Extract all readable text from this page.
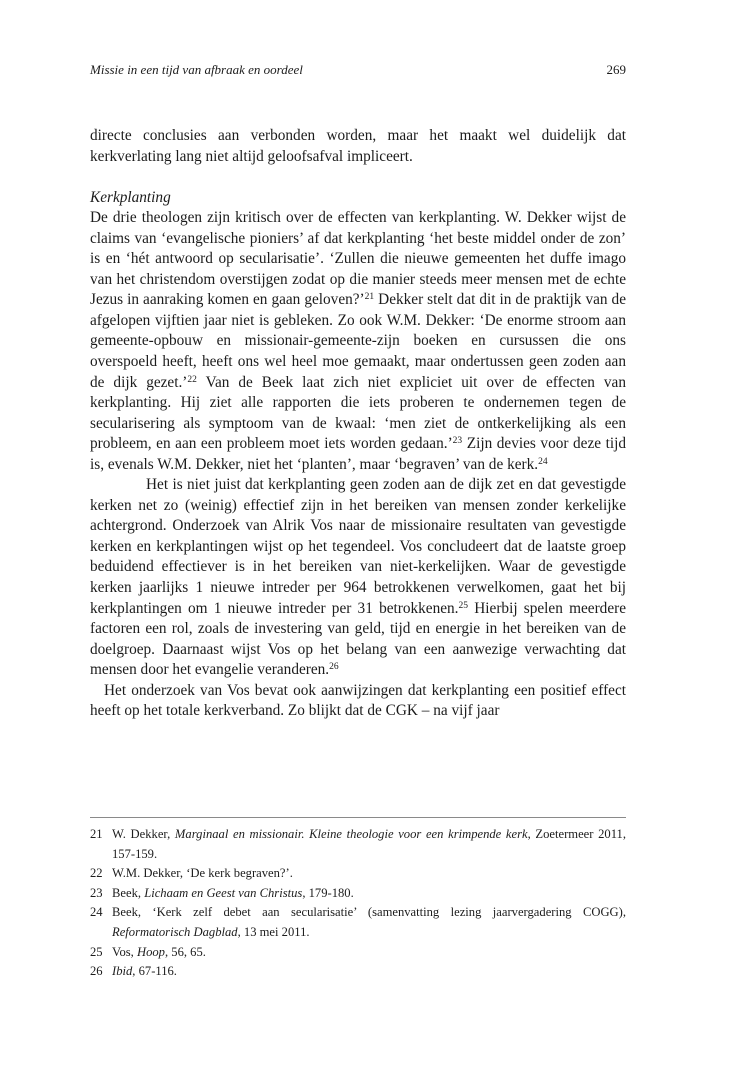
Missie in een tijd van afbraak en oordeel	269

directe conclusies aan verbonden worden, maar het maakt wel duidelijk dat kerkverlating lang niet altijd geloofsafval impliceert.

Kerkplanting

De drie theologen zijn kritisch over de effecten van kerkplanting. W. Dekker wijst de claims van ‘evangelische pioniers’ af dat kerkplanting ‘het beste middel onder de zon’ is en ‘hét antwoord op secularisatie’. ‘Zullen die nieuwe gemeenten het duffe imago van het christendom overstijgen zodat op die manier steeds meer mensen met de echte Jezus in aanraking komen en gaan geloven?’$^{21}$ Dekker stelt dat dit in de praktijk van de afgelopen vijftien jaar niet is gebleken. Zo ook W.M. Dekker: ‘De enorme stroom aan gemeente-opbouw en missionair-gemeente-zijn boeken en cursussen die ons overspoeld heeft, heeft ons wel heel moe gemaakt, maar ondertussen geen zoden aan de dijk gezet.’$^{22}$ Van de Beek laat zich niet expliciet uit over de effecten van kerkplanting. Hij ziet alle rapporten die iets proberen te ondernemen tegen de secularisering als symptoom van de kwaal: ‘men ziet de ontkerkelijking als een probleem, en aan een probleem moet iets worden gedaan.’$^{23}$ Zijn devies voor deze tijd is, evenals W.M. Dekker, niet het ‘planten’, maar ‘begraven’ van de kerk.$^{24}$

Het is niet juist dat kerkplanting geen zoden aan de dijk zet en dat gevestigde kerken net zo (weinig) effectief zijn in het bereiken van mensen zonder kerkelijke achtergrond. Onderzoek van Alrik Vos naar de missionaire resultaten van gevestigde kerken en kerkplantingen wijst op het tegendeel. Vos concludeert dat de laatste groep beduidend effectiever is in het bereiken van niet-kerkelijken. Waar de gevestigde kerken jaarlijks 1 nieuwe intreder per 964 betrokkenen verwelkomen, gaat het bij kerkplantingen om 1 nieuwe intreder per 31 betrokkenen.$^{25}$ Hierbij spelen meerdere factoren een rol, zoals de investering van geld, tijd en energie in het bereiken van de doelgroep. Daarnaast wijst Vos op het belang van een aanwezige verwachting dat mensen door het evangelie veranderen.$^{26}$

Het onderzoek van Vos bevat ook aanwijzingen dat kerkplanting een positief effect heeft op het totale kerkverband. Zo blijkt dat de CGK – na vijf jaar

21 W. Dekker, Marginaal en missionair. Kleine theologie voor een krimpende kerk, Zoetermeer 2011, 157-159.
22 W.M. Dekker, ‘De kerk begraven?’.
23 Beek, Lichaam en Geest van Christus, 179-180.
24 Beek, ‘Kerk zelf debet aan secularisatie’ (samenvatting lezing jaarvergadering COGG), Reformatorisch Dagblad, 13 mei 2011.
25 Vos, Hoop, 56, 65.
26 Ibid, 67-116.
